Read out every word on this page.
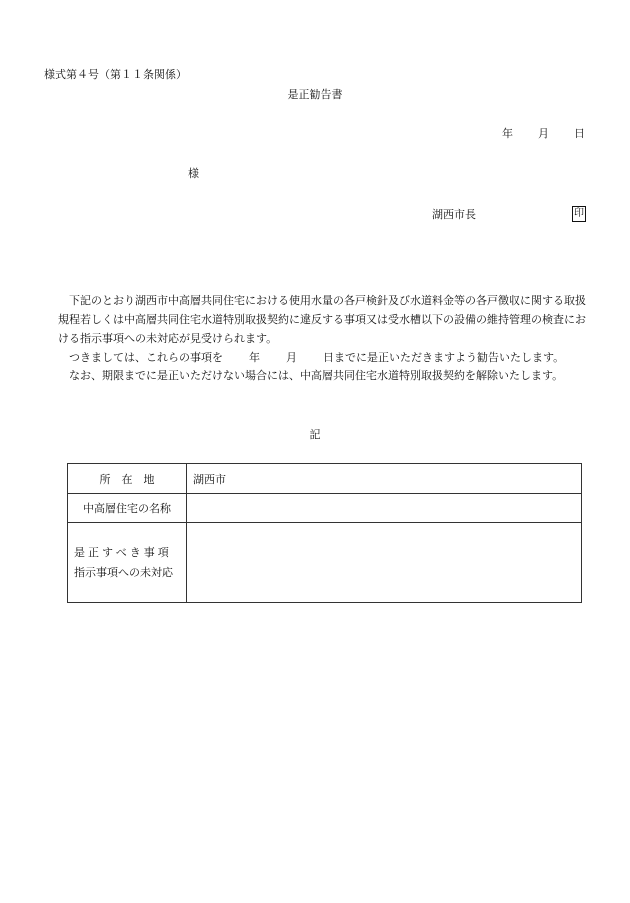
様式第４号（第１１条関係）
是正勧告書
年 月 日
様
湖西市長	印

下記のとおり湖西市中高層共同住宅における使用水量の各戸検針及び水道料金等の各戸徴収に関する取扱規程若しくは中高層共同住宅水道特別取扱契約に違反する事項又は受水槽以下の設備の維持管理の検査における指示事項への未対応が見受けられます。

つきましては、これらの事項を 年 月 日までに是正いただきますよう勧告いたします。

なお、期限までに是正いただけない場合には、中高層共同住宅水道特別取扱契約を解除いたします。

記
所　在　地	湖西市
中高層住宅の名称	

是正すべき事項
指示事項への未対応	
